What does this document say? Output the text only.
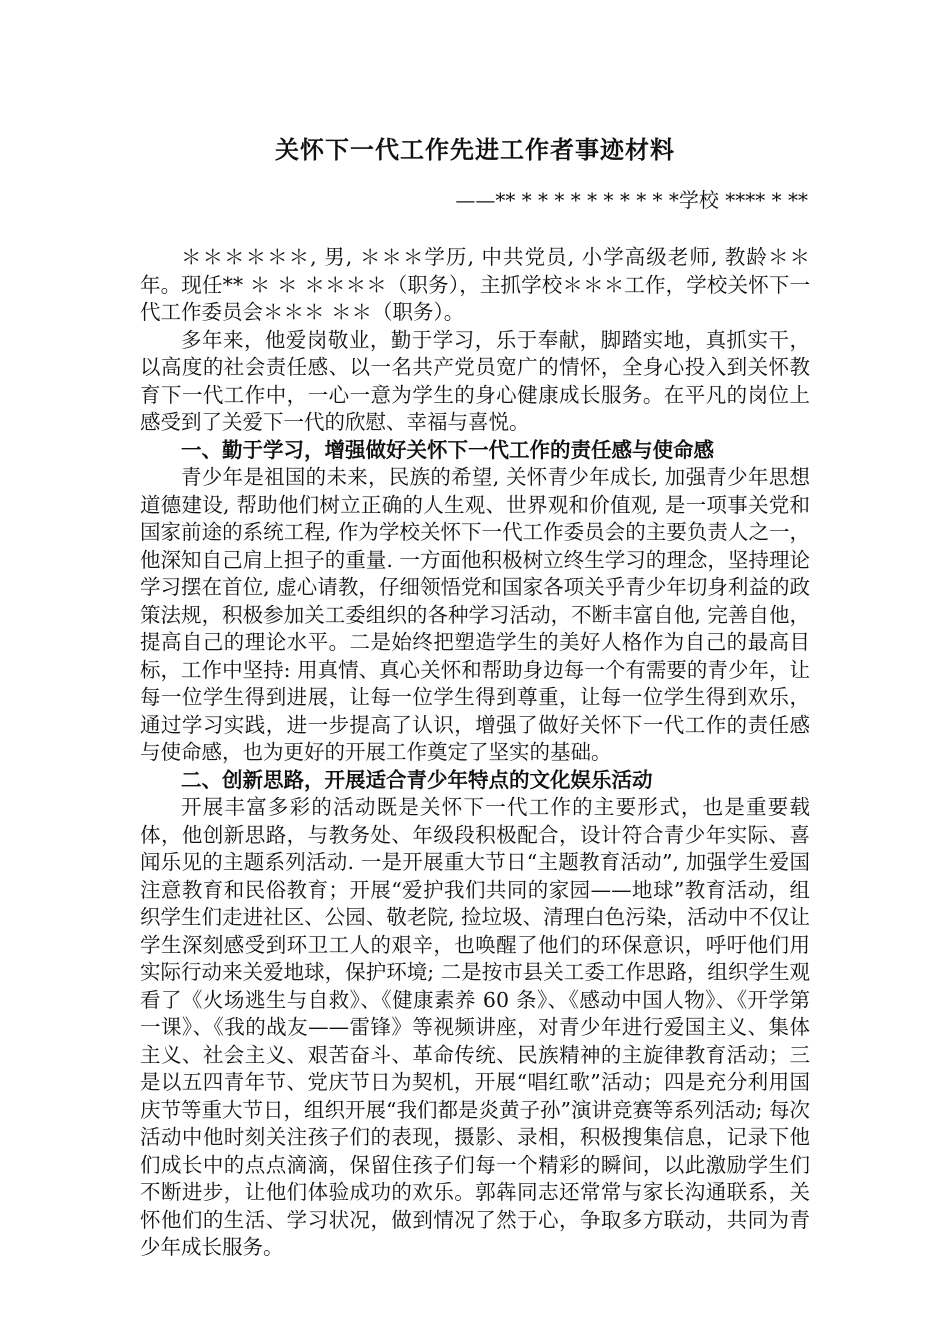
关怀下一代工作先进工作者事迹材料
——** * * * * * * * * * *学校 **** * **

＊＊＊＊＊＊, 男, ＊＊＊学历, 中共党员, 小学高级老师, 教龄＊＊年。现任** ＊ ＊ ＊＊＊＊（职务），主抓学校＊＊＊工作，学校关怀下一代工作委员会＊＊＊ ＊＊（职务）。

多年来，他爱岗敬业，勤于学习，乐于奉献，脚踏实地，真抓实干，以高度的社会责任感、以一名共产党员宽广的情怀，全身心投入到关怀教育下一代工作中，一心一意为学生的身心健康成长服务。在平凡的岗位上感受到了关爱下一代的欣慰、幸福与喜悦。

一、勤于学习，增强做好关怀下一代工作的责任感与使命感

青少年是祖国的未来，民族的希望, 关怀青少年成长, 加强青少年思想道德建设, 帮助他们树立正确的人生观、世界观和价值观, 是一项事关党和国家前途的系统工程, 作为学校关怀下一代工作委员会的主要负责人之一，他深知自己肩上担子的重量. 一方面他积极树立终生学习的理念，坚持理论学习摆在首位, 虚心请教，仔细领悟党和国家各项关乎青少年切身利益的政策法规，积极参加关工委组织的各种学习活动，不断丰富自他, 完善自他，提高自己的理论水平。二是始终把塑造学生的美好人格作为自己的最高目标，工作中坚持: 用真情、真心关怀和帮助身边每一个有需要的青少年，让每一位学生得到进展，让每一位学生得到尊重，让每一位学生得到欢乐，通过学习实践，进一步提高了认识，增强了做好关怀下一代工作的责任感与使命感，也为更好的开展工作奠定了坚实的基础。

二、创新思路，开展适合青少年特点的文化娱乐活动

开展丰富多彩的活动既是关怀下一代工作的主要形式，也是重要载体，他创新思路，与教务处、年级段积极配合，设计符合青少年实际、喜闻乐见的主题系列活动. 一是开展重大节日“主题教育活动”, 加强学生爱国注意教育和民俗教育；开展“爱护我们共同的家园——地球”教育活动，组织学生们走进社区、公园、敬老院, 捡垃圾、清理白色污染，活动中不仅让学生深刻感受到环卫工人的艰辛，也唤醒了他们的环保意识，呼吁他们用实际行动来关爱地球，保护环境; 二是按市县关工委工作思路，组织学生观看了《火场逃生与自救》、《健康素养 60 条》、《感动中国人物》、《开学第一课》、《我的战友——雷锋》等视频讲座，对青少年进行爱国主义、集体主义、社会主义、艰苦奋斗、革命传统、民族精神的主旋律教育活动；三是以五四青年节、党庆节日为契机，开展“唱红歌”活动；四是充分利用国庆节等重大节日，组织开展“我们都是炎黄子孙”演讲竞赛等系列活动; 每次活动中他时刻关注孩子们的表现，摄影、录相，积极搜集信息，记录下他们成长中的点点滴滴，保留住孩子们每一个精彩的瞬间，以此激励学生们不断进步，让他们体验成功的欢乐。郭犇同志还常常与家长沟通联系，关怀他们的生活、学习状况，做到情况了然于心，争取多方联动，共同为青少年成长服务。
